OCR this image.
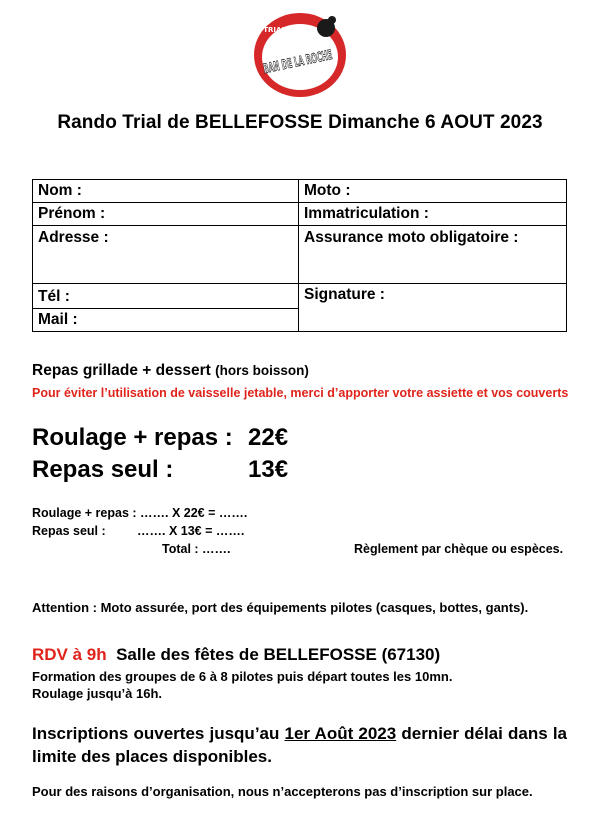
TRIAL CLUB
BAN DE LA ROCHE
Rando Trial de BELLEFOSSE Dimanche 6 AOUT 2023
Nom :	Moto :

Prénom :	Immatriculation :

Adresse :	Assurance moto obligatoire :

Tél :	Signature :

Mail :	
Repas grillade + dessert (hors boisson)
Pour éviter l’utilisation de vaisselle jetable, merci d’apporter votre assiette et vos couverts
Roulage + repas : 22€
Repas seul :	13€
Roulage + repas : ……. X 22€ = …….
Repas seul :	……. X 13€ = …….
Total : …….	Règlement par chèque ou espèces.
Attention : Moto assurée, port des équipements pilotes (casques, bottes, gants).
RDV à 9h Salle des fêtes de BELLEFOSSE (67130)
Formation des groupes de 6 à 8 pilotes puis départ toutes les 10mn.
Roulage jusqu’à 16h.
Inscriptions ouvertes jusqu’au 1er Août 2023 dernier délai dans la limite des places disponibles.
Pour des raisons d’organisation, nous n’accepterons pas d’inscription sur place.
